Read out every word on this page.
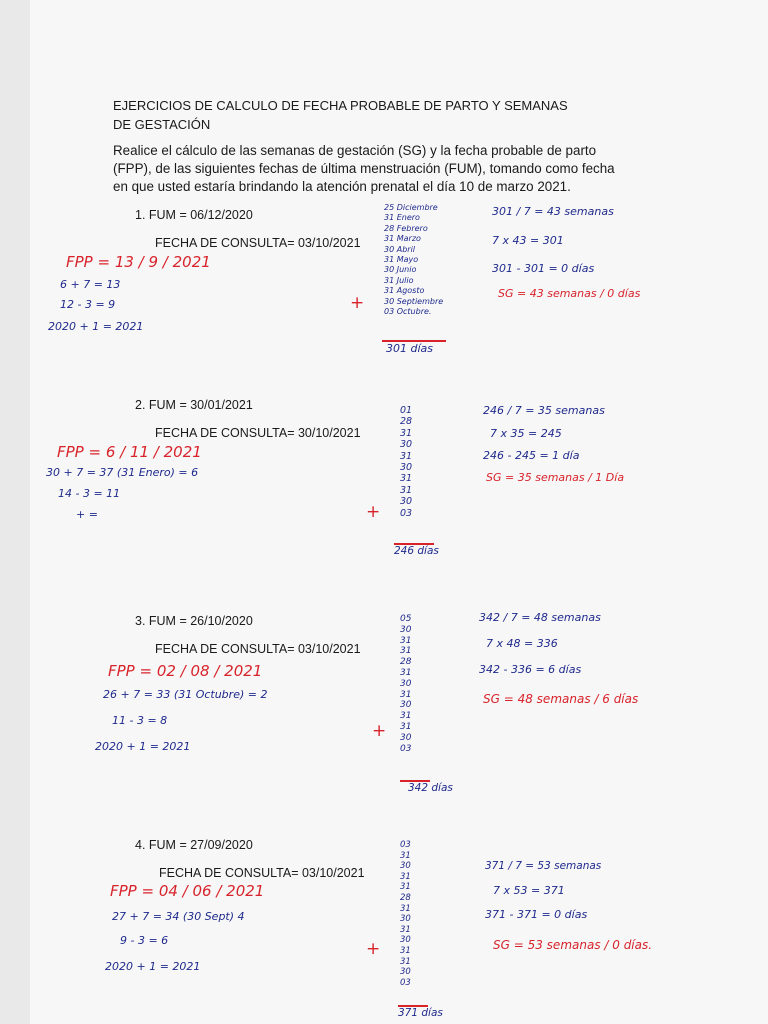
EJERCICIOS DE CALCULO DE FECHA PROBABLE DE PARTO Y SEMANAS DE GESTACIÓN
Realice el cálculo de las semanas de gestación (SG) y la fecha probable de parto (FPP), de las siguientes fechas de última menstruación (FUM), tomando como fecha en que usted estaría brindando la atención prenatal el día 10 de marzo 2021.
1. FUM = 06/12/2020
FECHA DE CONSULTA= 03/10/2021
FPP = 13 / 9 / 2021
6 + 7 = 13
12 - 3 = 9
2020 + 1 = 2021
25 Diciembre
31 Enero
28 Febrero
31 Marzo
30 Abril
31 Mayo
30 Junio
31 Julio
31 Agosto
30 Septiembre
03 Octubre.
+
301 días
301 / 7 = 43 semanas
7 x 43 = 301
301 - 301 = 0 días
SG = 43 semanas / 0 días
2. FUM = 30/01/2021
FECHA DE CONSULTA= 30/10/2021
FPP = 6 / 11 / 2021
30 + 7 = 37 (31 Enero) = 6
14 - 3 = 11
+ =
01
28
31
30
31
30
31
31
30
03
+
246 días
246 / 7 = 35 semanas
7 x 35 = 245
246 - 245 = 1 día
SG = 35 semanas / 1 Día
3. FUM = 26/10/2020
FECHA DE CONSULTA= 03/10/2021
FPP = 02 / 08 / 2021
26 + 7 = 33 (31 Octubre) = 2
11 - 3 = 8
2020 + 1 = 2021
05
30
31
31
28
31
30
31
30
31
31
30
03
+
342 días
342 / 7 = 48 semanas
7 x 48 = 336
342 - 336 = 6 días
SG = 48 semanas / 6 días
4. FUM = 27/09/2020
FECHA DE CONSULTA= 03/10/2021
FPP = 04 / 06 / 2021
27 + 7 = 34 (30 Sept) 4
9 - 3 = 6
2020 + 1 = 2021
03
31
30
31
31
28
31
30
31
30
31
31
30
03
+
371 días
371 / 7 = 53 semanas
7 x 53 = 371
371 - 371 = 0 días
SG = 53 semanas / 0 días.
